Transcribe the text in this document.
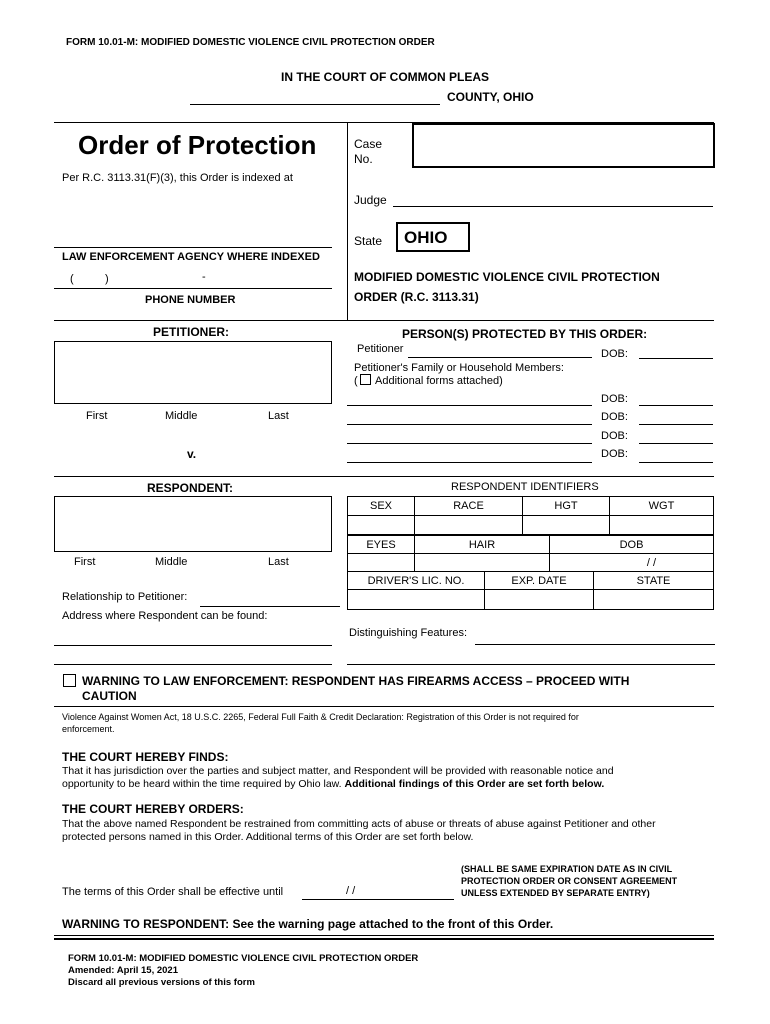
FORM 10.01-M: MODIFIED DOMESTIC VIOLENCE CIVIL PROTECTION ORDER
IN THE COURT OF COMMON PLEAS
COUNTY, OHIO
Order of Protection
Per R.C. 3113.31(F)(3), this Order is indexed at
LAW ENFORCEMENT AGENCY WHERE INDEXED
(	)	-
PHONE NUMBER
Case
No.
Judge
State OHIO
MODIFIED DOMESTIC VIOLENCE CIVIL PROTECTION
ORDER (R.C. 3113.31)
PETITIONER:
First	Middle	Last
v.
PERSON(S) PROTECTED BY THIS ORDER:
Petitioner	DOB:
Petitioner's Family or Household Members:
( Additional forms attached)
DOB:
DOB:
DOB:
DOB:
RESPONDENT:
First	Middle	Last
Relationship to Petitioner:
Address where Respondent can be found:
RESPONDENT IDENTIFIERS
SEX	RACE	HGT	WGT

EYES	HAIR	DOB
		/ /
DRIVER'S LIC. NO.	EXP. DATE	STATE

Distinguishing Features:
WARNING TO LAW ENFORCEMENT: RESPONDENT HAS FIREARMS ACCESS – PROCEED WITH
CAUTION
Violence Against Women Act, 18 U.S.C. 2265, Federal Full Faith & Credit Declaration: Registration of this Order is not required for
enforcement.
THE COURT HEREBY FINDS:
That it has jurisdiction over the parties and subject matter, and Respondent will be provided with reasonable notice and
opportunity to be heard within the time required by Ohio law. Additional findings of this Order are set forth below.
THE COURT HEREBY ORDERS:
That the above named Respondent be restrained from committing acts of abuse or threats of abuse against Petitioner and other
protected persons named in this Order. Additional terms of this Order are set forth below.
The terms of this Order shall be effective until	/ /
(SHALL BE SAME EXPIRATION DATE AS IN CIVIL
PROTECTION ORDER OR CONSENT AGREEMENT
UNLESS EXTENDED BY SEPARATE ENTRY)
WARNING TO RESPONDENT: See the warning page attached to the front of this Order.
FORM 10.01-M: MODIFIED DOMESTIC VIOLENCE CIVIL PROTECTION ORDER
Amended: April 15, 2021
Discard all previous versions of this form
